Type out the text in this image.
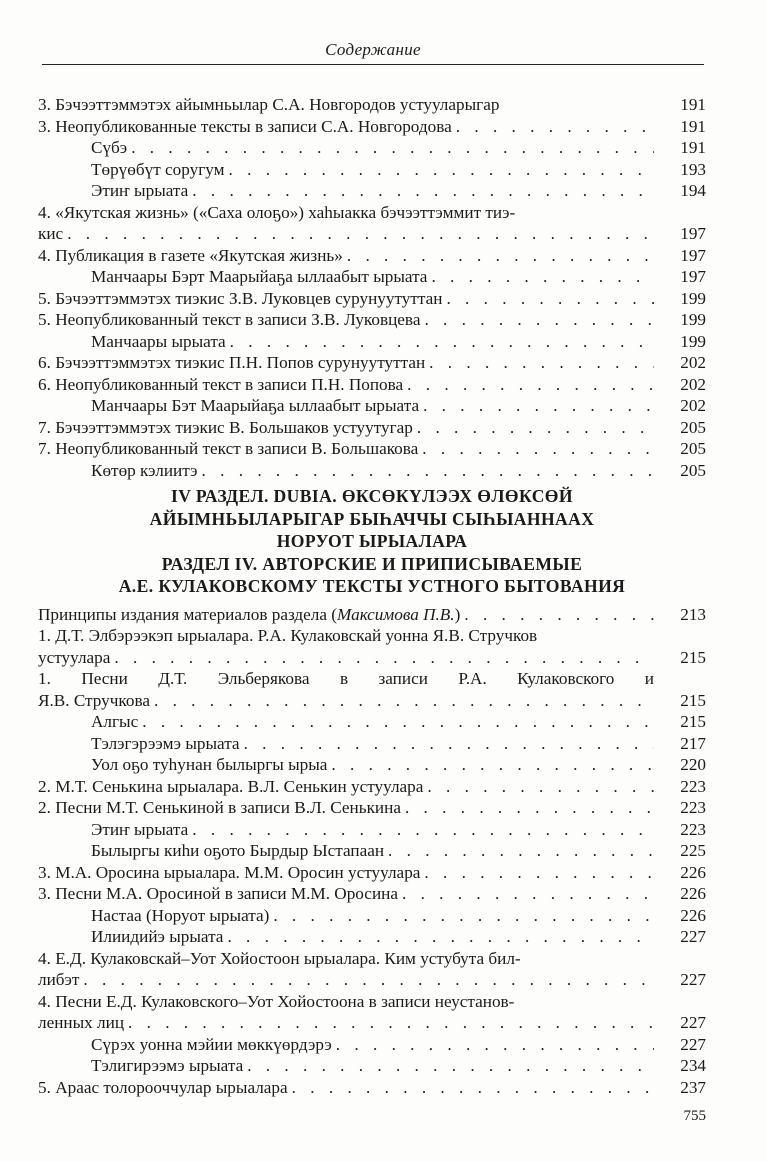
Содержание
3. Бэчээттэммэтэх айымньылар С.А. Новгородов устууларыгар	191
3. Неопубликованные тексты в записи С.А. Новгородова . . .	191
Сүбэ . . .	191
Төрүөбүт соругум . . .	193
Этиҥ ырыата . . .	194
4. «Якутская жизнь» («Саха олоҕо») хаһыакка бэчээттэммит тиэ-
кис . . .	197
4. Публикация в газете «Якутская жизнь» . . .	197
Манчаары Бэрт Маарыйаҕа ыллаабыт ырыата . . .	197
5. Бэчээттэммэтэх тиэкис З.В. Луковцев сурунуутуттан . . .	199
5. Неопубликованный текст в записи З.В. Луковцева . . .	199
Манчаары ырыата . . .	199
6. Бэчээттэммэтэх тиэкис П.Н. Попов сурунуутуттан . . .	202
6. Неопубликованный текст в записи П.Н. Попова . . .	202
Манчаары Бэт Маарыйаҕа ыллаабыт ырыата . . .	202
7. Бэчээттэммэтэх тиэкис В. Большаков устуутугар . . .	205
7. Неопубликованный текст в записи В. Большакова . . .	205
Көтөр кэлиитэ . . .	205
IV РАЗДЕЛ. DUBIA. ӨКСӨКҮЛЭЭХ ӨЛӨКСӨЙ
АЙЫМНЬЫЛАРЫГАР БЫҺАЧЧЫ СЫҺЫАННААХ
НОРУОТ ЫРЫАЛАРА
РАЗДЕЛ IV. АВТОРСКИЕ И ПРИПИСЫВАЕМЫЕ
А.Е. КУЛАКОВСКОМУ ТЕКСТЫ УСТНОГО БЫТОВАНИЯ
Принципы издания материалов раздела (Максимова П.В.) . . .	213
1. Д.Т. Элбэрээкэп ырыалара. Р.А. Кулаковскай уонна Я.В. Стручков
устуулара . . .	215
1. Песни Д.Т. Эльберякова в записи Р.А. Кулаковского и
Я.В. Стручкова . . .	215
Алгыс . . .	215
Тэлэгэрээмэ ырыата . . .	217
Уол оҕо туһунан былыргы ырыа . . .	220
2. М.Т. Сенькина ырыалара. В.Л. Сенькин устуулара . . .	223
2. Песни М.Т. Сенькиной в записи В.Л. Сенькина . . .	223
Этиҥ ырыата . . .	223
Былыргы киһи оҕото Бырдыр Ыстапаан . . .	225
3. М.А. Оросина ырыалара. М.М. Оросин устуулара . . .	226
3. Песни М.А. Оросиной в записи М.М. Оросина . . .	226
Настаа (Норуот ырыата) . . .	226
Илиидийэ ырыата . . .	227
4. Е.Д. Кулаковскай–Уот Хойостоон ырыалара. Ким устубута бил-
либэт . . .	227
4. Песни Е.Д. Кулаковского–Уот Хойостоона в записи неустанов-
ленных лиц . . .	227
Сүрэх уонна мэйии мөккүөрдэрэ . . .	227
Тэлигирээмэ ырыата . . .	234
5. Араас толорооччулар ырыалара . . .	237
755
